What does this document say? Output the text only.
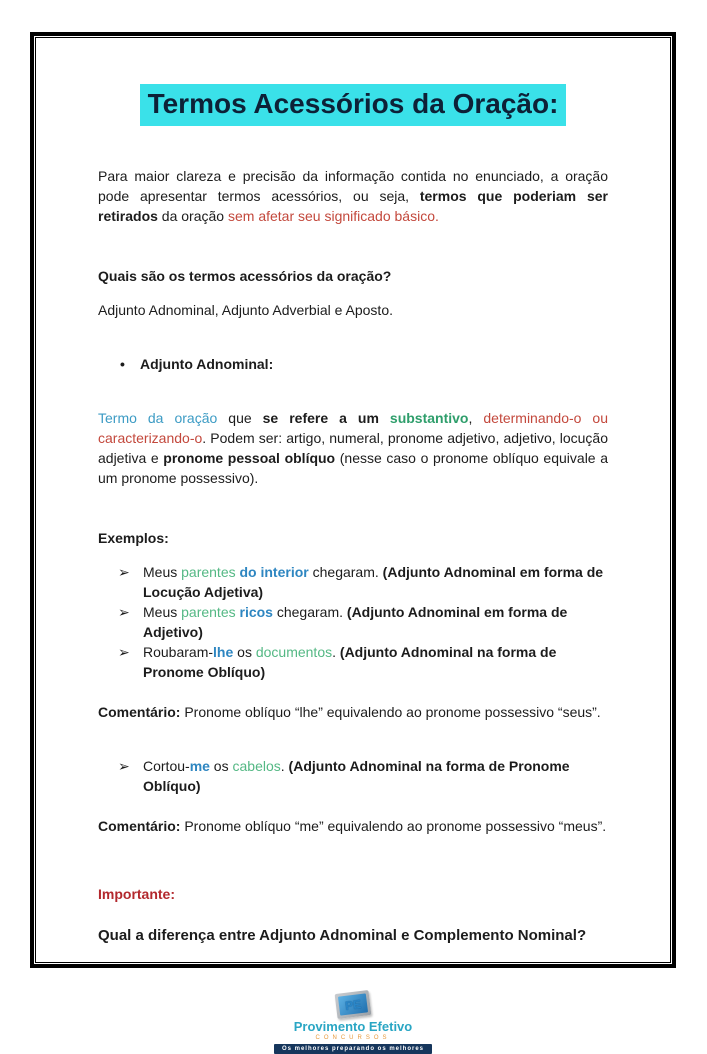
Termos Acessórios da Oração:

Para maior clareza e precisão da informação contida no enunciado, a oração pode apresentar termos acessórios, ou seja, termos que poderiam ser retirados da oração sem afetar seu significado básico.

Quais são os termos acessórios da oração?

Adjunto Adnominal, Adjunto Adverbial e Aposto.

• Adjunto Adnominal:

Termo da oração que se refere a um substantivo, determinando-o ou caracterizando-o. Podem ser: artigo, numeral, pronome adjetivo, adjetivo, locução adjetiva e pronome pessoal oblíquo (nesse caso o pronome oblíquo equivale a um pronome possessivo).

Exemplos:

➢ Meus parentes do interior chegaram. (Adjunto Adnominal em forma de Locução Adjetiva)
➢ Meus parentes ricos chegaram. (Adjunto Adnominal em forma de Adjetivo)
➢ Roubaram-lhe os documentos. (Adjunto Adnominal na forma de Pronome Oblíquo)

Comentário: Pronome oblíquo “lhe” equivalendo ao pronome possessivo “seus”.

➢ Cortou-me os cabelos. (Adjunto Adnominal na forma de Pronome Oblíquo)

Comentário: Pronome oblíquo “me” equivalendo ao pronome possessivo “meus”.

Importante:

Qual a diferença entre Adjunto Adnominal e Complemento Nominal?

PE
Provimento Efetivo
CONCURSOS
Os melhores preparando os melhores
